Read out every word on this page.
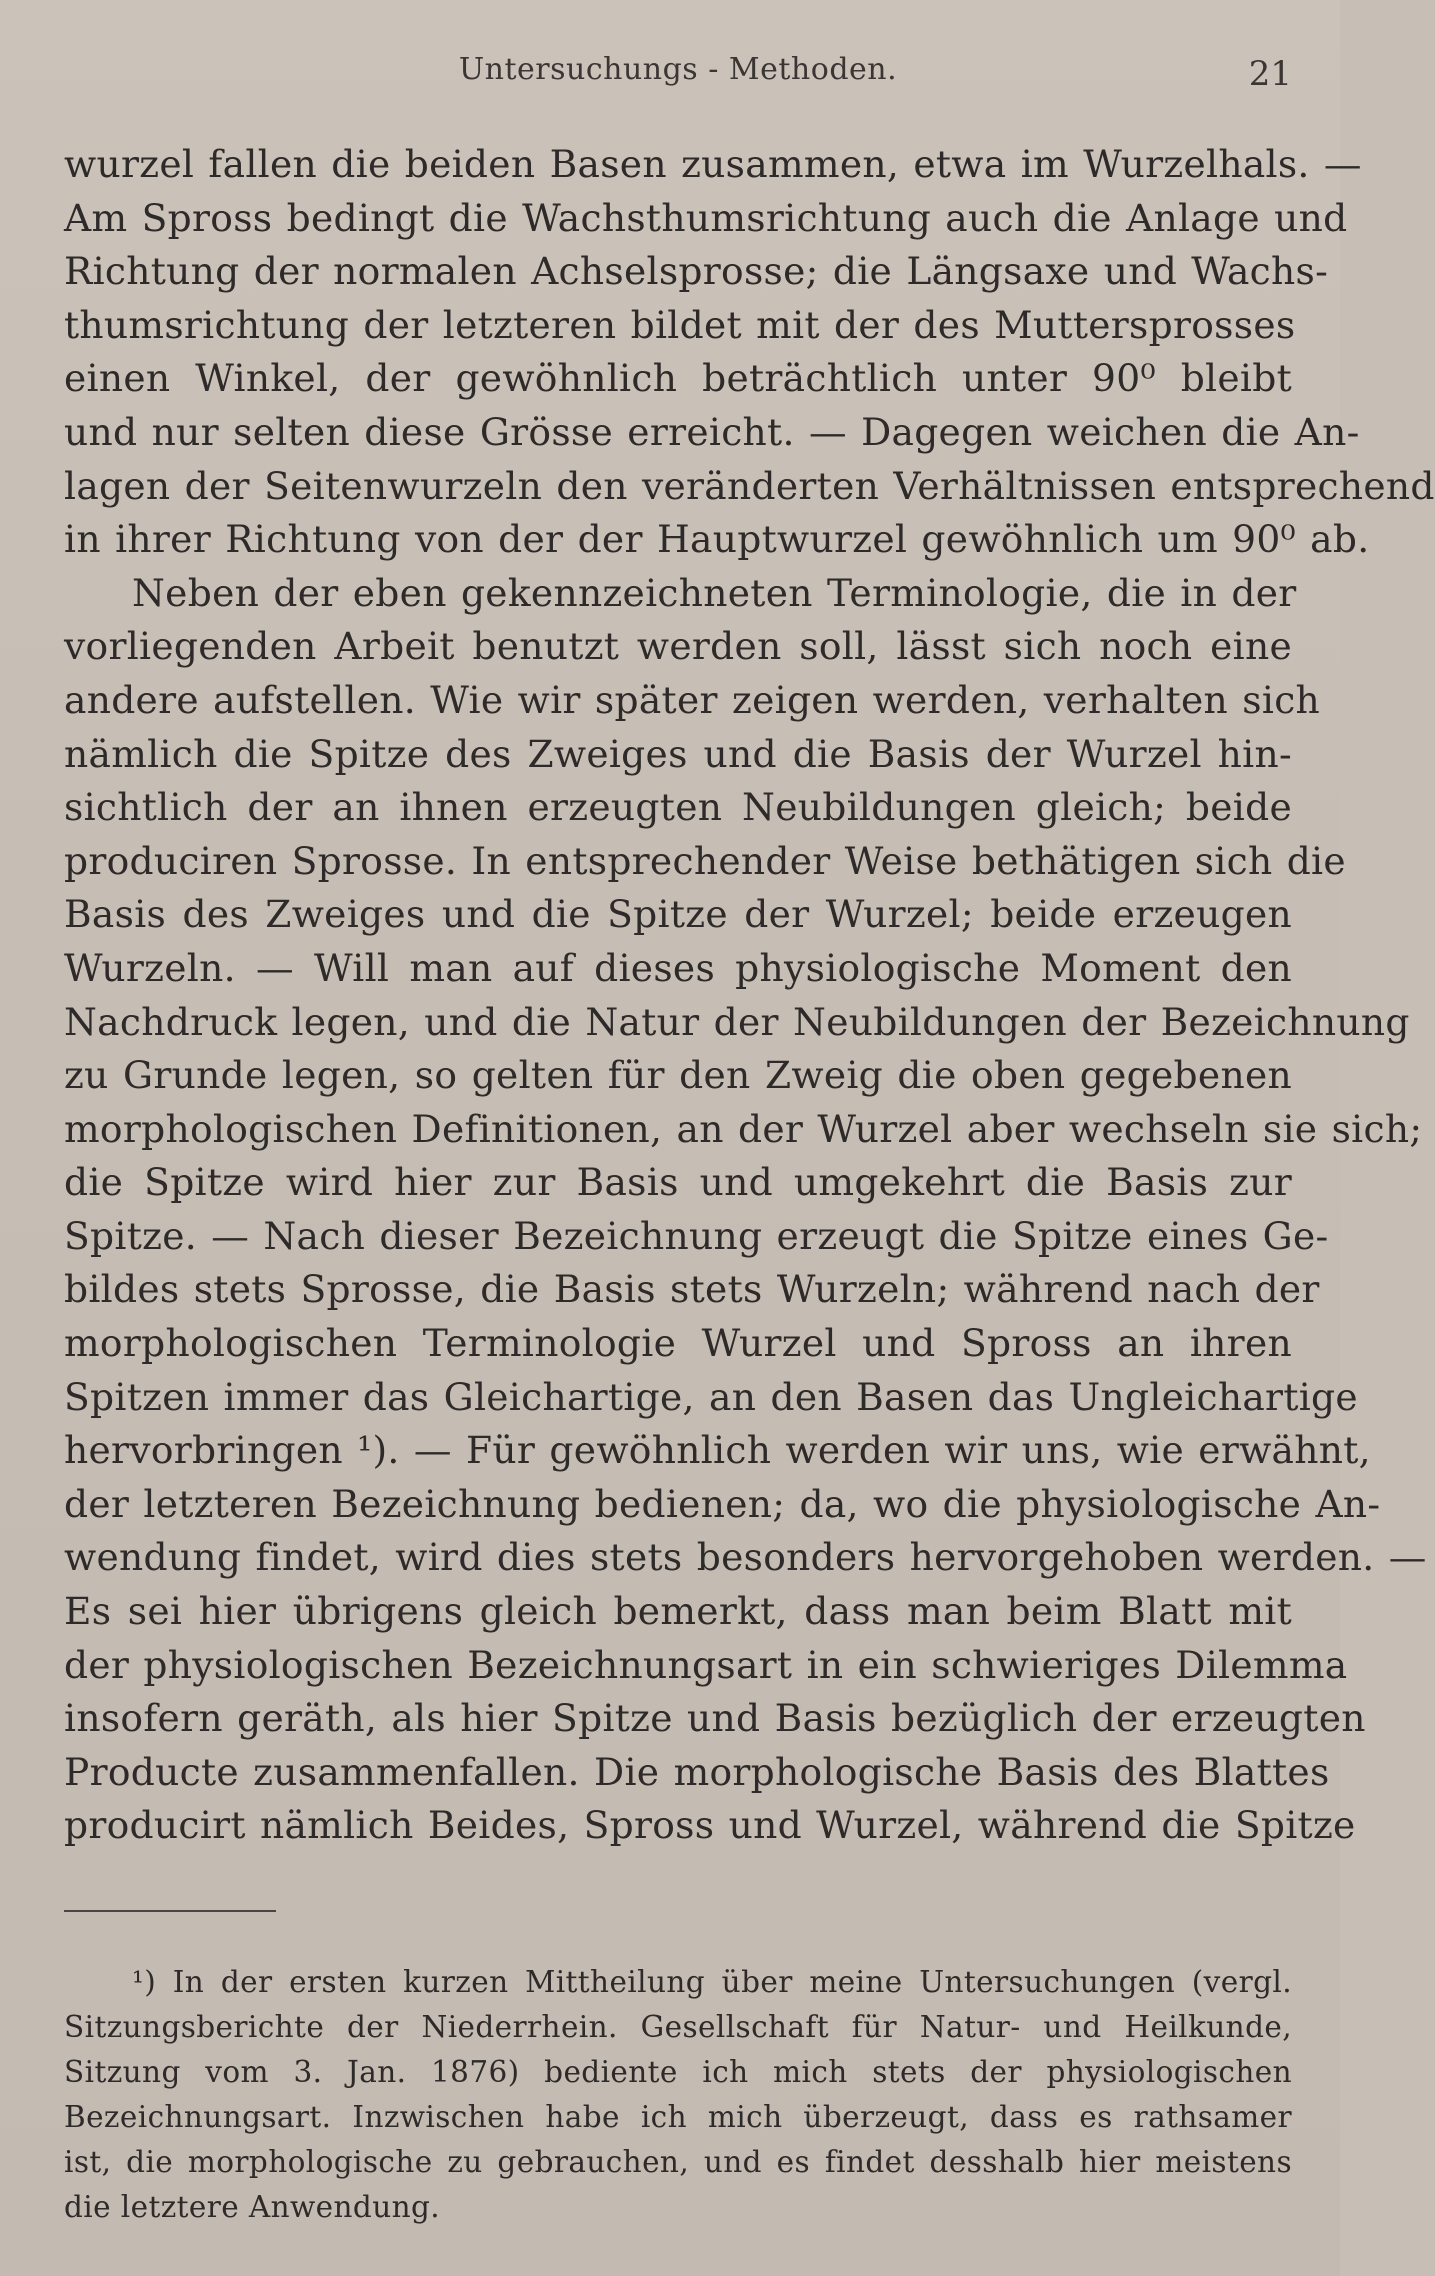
Untersuchungs - Methoden.	21
wurzel fallen die beiden Basen zusammen, etwa im Wurzelhals. —
Am Spross bedingt die Wachsthumsrichtung auch die Anlage und
Richtung der normalen Achselsprosse; die Längsaxe und Wachs-
thumsrichtung der letzteren bildet mit der des Muttersprosses
einen Winkel, der gewöhnlich beträchtlich unter 90⁰ bleibt
und nur selten diese Grösse erreicht. — Dagegen weichen die An-
lagen der Seitenwurzeln den veränderten Verhältnissen entsprechend
in ihrer Richtung von der der Hauptwurzel gewöhnlich um 90⁰ ab.
Neben der eben gekennzeichneten Terminologie, die in der
vorliegenden Arbeit benutzt werden soll, lässt sich noch eine
andere aufstellen. Wie wir später zeigen werden, verhalten sich
nämlich die Spitze des Zweiges und die Basis der Wurzel hin-
sichtlich der an ihnen erzeugten Neubildungen gleich; beide
produciren Sprosse. In entsprechender Weise bethätigen sich die
Basis des Zweiges und die Spitze der Wurzel; beide erzeugen
Wurzeln. — Will man auf dieses physiologische Moment den
Nachdruck legen, und die Natur der Neubildungen der Bezeichnung
zu Grunde legen, so gelten für den Zweig die oben gegebenen
morphologischen Definitionen, an der Wurzel aber wechseln sie sich;
die Spitze wird hier zur Basis und umgekehrt die Basis zur
Spitze. — Nach dieser Bezeichnung erzeugt die Spitze eines Ge-
bildes stets Sprosse, die Basis stets Wurzeln; während nach der
morphologischen Terminologie Wurzel und Spross an ihren
Spitzen immer das Gleichartige, an den Basen das Ungleichartige
hervorbringen ¹). — Für gewöhnlich werden wir uns, wie erwähnt,
der letzteren Bezeichnung bedienen; da, wo die physiologische An-
wendung findet, wird dies stets besonders hervorgehoben werden. —
Es sei hier übrigens gleich bemerkt, dass man beim Blatt mit
der physiologischen Bezeichnungsart in ein schwieriges Dilemma
insofern geräth, als hier Spitze und Basis bezüglich der erzeugten
Producte zusammenfallen. Die morphologische Basis des Blattes
producirt nämlich Beides, Spross und Wurzel, während die Spitze
¹) In der ersten kurzen Mittheilung über meine Untersuchungen (vergl.
Sitzungsberichte der Niederrhein. Gesellschaft für Natur- und Heilkunde,
Sitzung vom 3. Jan. 1876) bediente ich mich stets der physiologischen
Bezeichnungsart. Inzwischen habe ich mich überzeugt, dass es rathsamer
ist, die morphologische zu gebrauchen, und es findet desshalb hier meistens
die letztere Anwendung.
